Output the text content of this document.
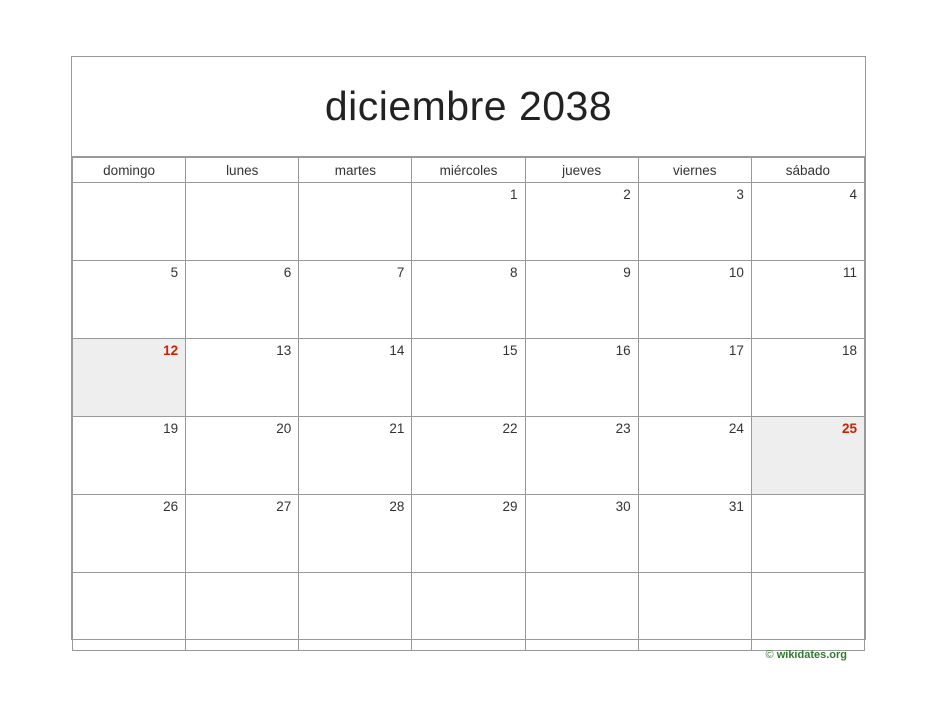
diciembre 2038
domingo	lunes	martes	miércoles	jueves	viernes	sábado
			1	2	3	4
5	6	7	8	9	10	11
12	13	14	15	16	17	18
19	20	21	22	23	24	25
26	27	28	29	30	31	

© wikidates.org
